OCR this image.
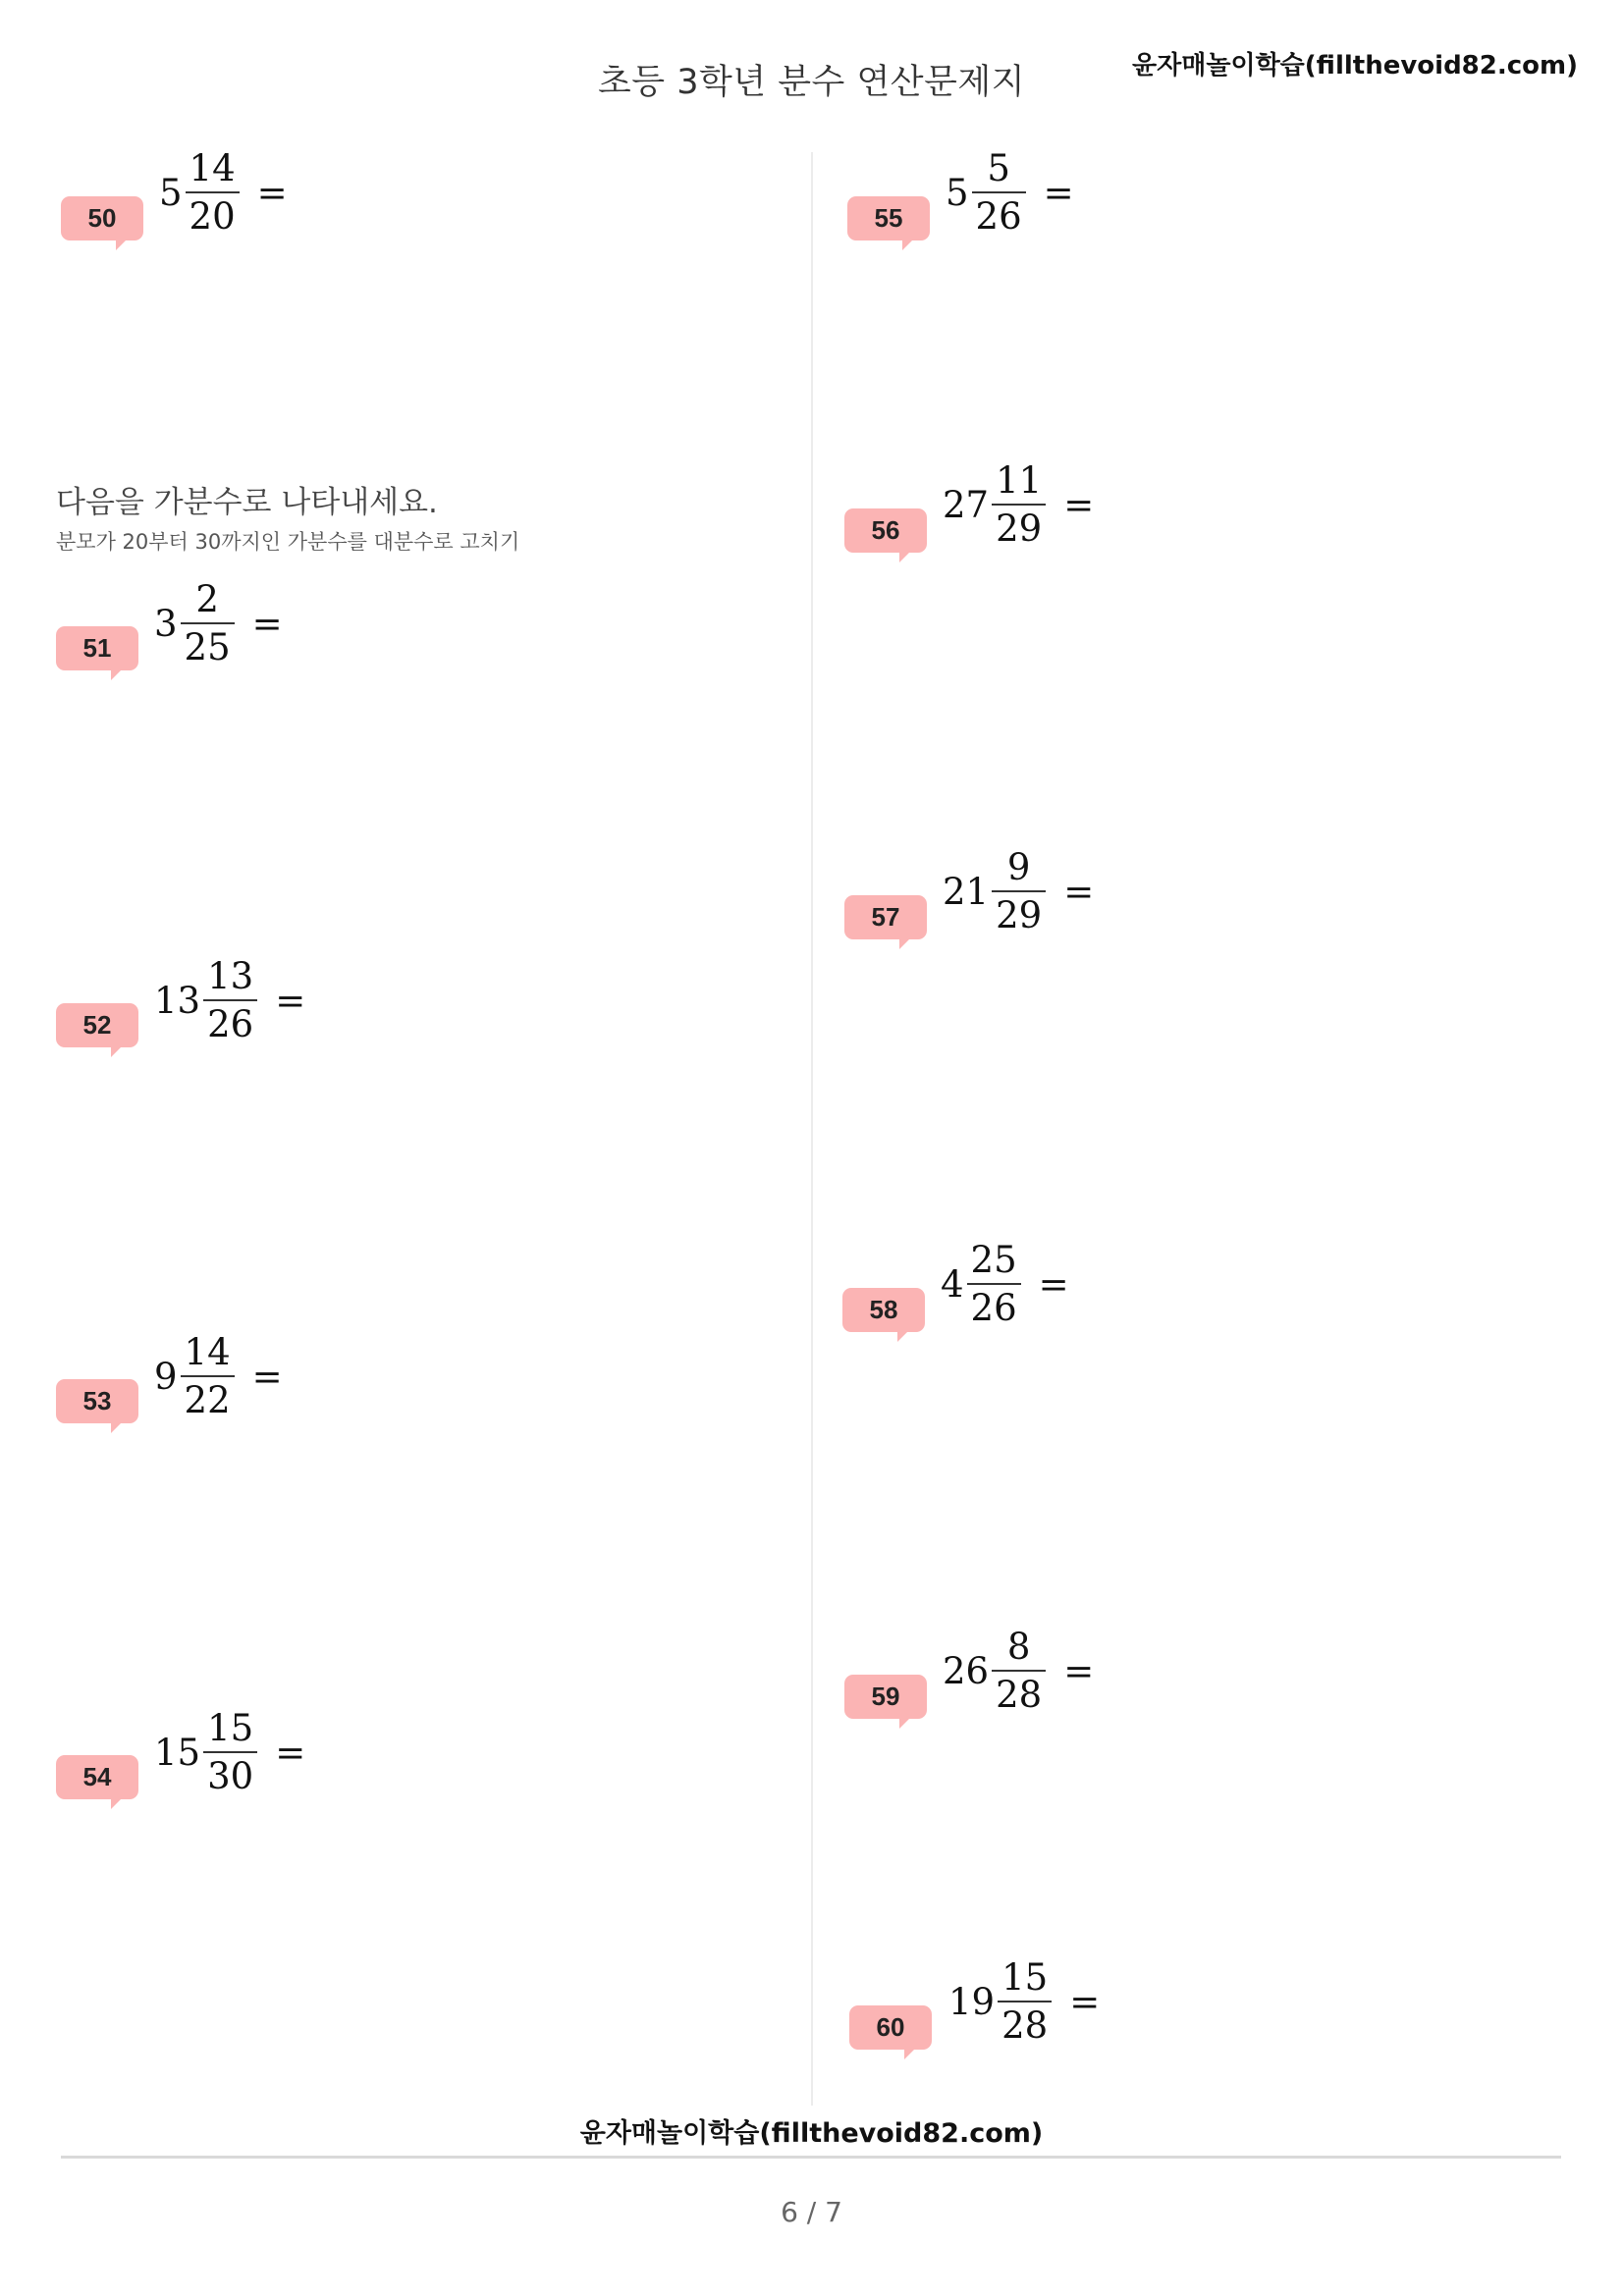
초등 3학년 분수 연산문제지	윤자매놀이학습(fillthevoid82.com)
다음을 가분수로 나타내세요.
분모가 20부터 30까지인 가분수를 대분수로 고치기
50
$5 \frac{14}{20}$ =
51
$3 \frac{2}{25}$ =
52
$13 \frac{13}{26}$ =
53
$9 \frac{14}{22}$ =
54
$15 \frac{15}{30}$ =
55
$5 \frac{5}{26}$ =
56
$27 \frac{11}{29}$ =
57
$21 \frac{9}{29}$ =
58
$4 \frac{25}{26}$ =
59
$26 \frac{8}{28}$ =
60
$19 \frac{15}{28}$ =
윤자매놀이학습(fillthevoid82.com)
6 / 7
